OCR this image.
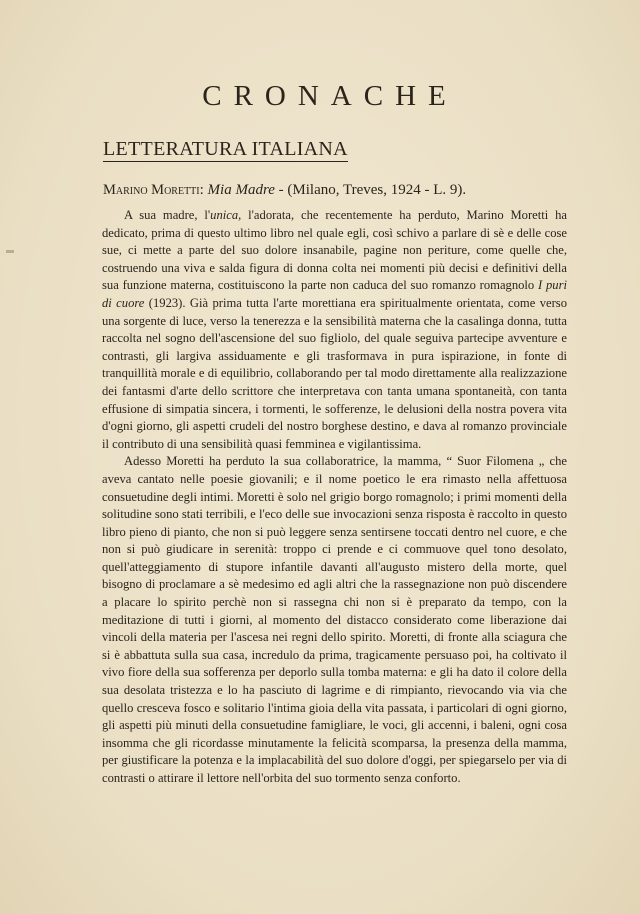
CRONACHE
LETTERATURA ITALIANA
Marino Moretti: Mia Madre - (Milano, Treves, 1924 - L. 9).

A sua madre, l'unica, l'adorata, che recentemente ha perduto, Marino Moretti ha dedicato, prima di questo ultimo libro nel quale egli, così schivo a parlare di sè e delle cose sue, ci mette a parte del suo dolore insanabile, pagine non periture, come quelle che, costruendo una viva e salda figura di donna colta nei momenti più decisi e definitivi della sua funzione materna, costituiscono la parte non caduca del suo romanzo romagnolo I puri di cuore (1923). Già prima tutta l'arte morettiana era spiritualmente orientata, come verso una sorgente di luce, verso la tenerezza e la sensibilità materna che la casalinga donna, tutta raccolta nel sogno dell'ascensione del suo figliolo, del quale seguiva partecipe avventure e contrasti, gli largiva assiduamente e gli trasformava in pura ispirazione, in fonte di tranquillità morale e di equilibrio, collaborando per tal modo direttamente alla realizzazione dei fantasmi d'arte dello scrittore che interpretava con tanta umana spontaneità, con tanta effusione di simpatia sincera, i tormenti, le sofferenze, le delusioni della nostra povera vita d'ogni giorno, gli aspetti crudeli del nostro borghese destino, e dava al romanzo provinciale il contributo di una sensibilità quasi femminea e vigilantissima.

Adesso Moretti ha perduto la sua collaboratrice, la mamma, “ Suor Filomena „ che aveva cantato nelle poesie giovanili; e il nome poetico le era rimasto nella affettuosa consuetudine degli intimi. Moretti è solo nel grigio borgo romagnolo; i primi momenti della solitudine sono stati terribili, e l'eco delle sue invocazioni senza risposta è raccolto in questo libro pieno di pianto, che non si può leggere senza sentirsene toccati dentro nel cuore, e che non si può giudicare in serenità: troppo ci prende e ci commuove quel tono desolato, quell'atteggiamento di stupore infantile davanti all'augusto mistero della morte, quel bisogno di proclamare a sè medesimo ed agli altri che la rassegnazione non può discendere a placare lo spirito perchè non si rassegna chi non si è preparato da tempo, con la meditazione di tutti i giorni, al momento del distacco considerato come liberazione dai vincoli della materia per l'ascesa nei regni dello spirito. Moretti, di fronte alla sciagura che si è abbattuta sulla sua casa, incredulo da prima, tragicamente persuaso poi, ha coltivato il vivo fiore della sua sofferenza per deporlo sulla tomba materna: e gli ha dato il colore della sua desolata tristezza e lo ha pasciuto di lagrime e di rimpianto, rievocando via via che quello cresceva fosco e solitario l'intima gioia della vita passata, i particolari di ogni giorno, gli aspetti più minuti della consuetudine famigliare, le voci, gli accenni, i baleni, ogni cosa insomma che gli ricordasse minutamente la felicità scomparsa, la presenza della mamma, per giustificare la potenza e la implacabilità del suo dolore d'oggi, per spiegarselo per via di contrasti o attirare il lettore nell'orbita del suo tormento senza conforto.
